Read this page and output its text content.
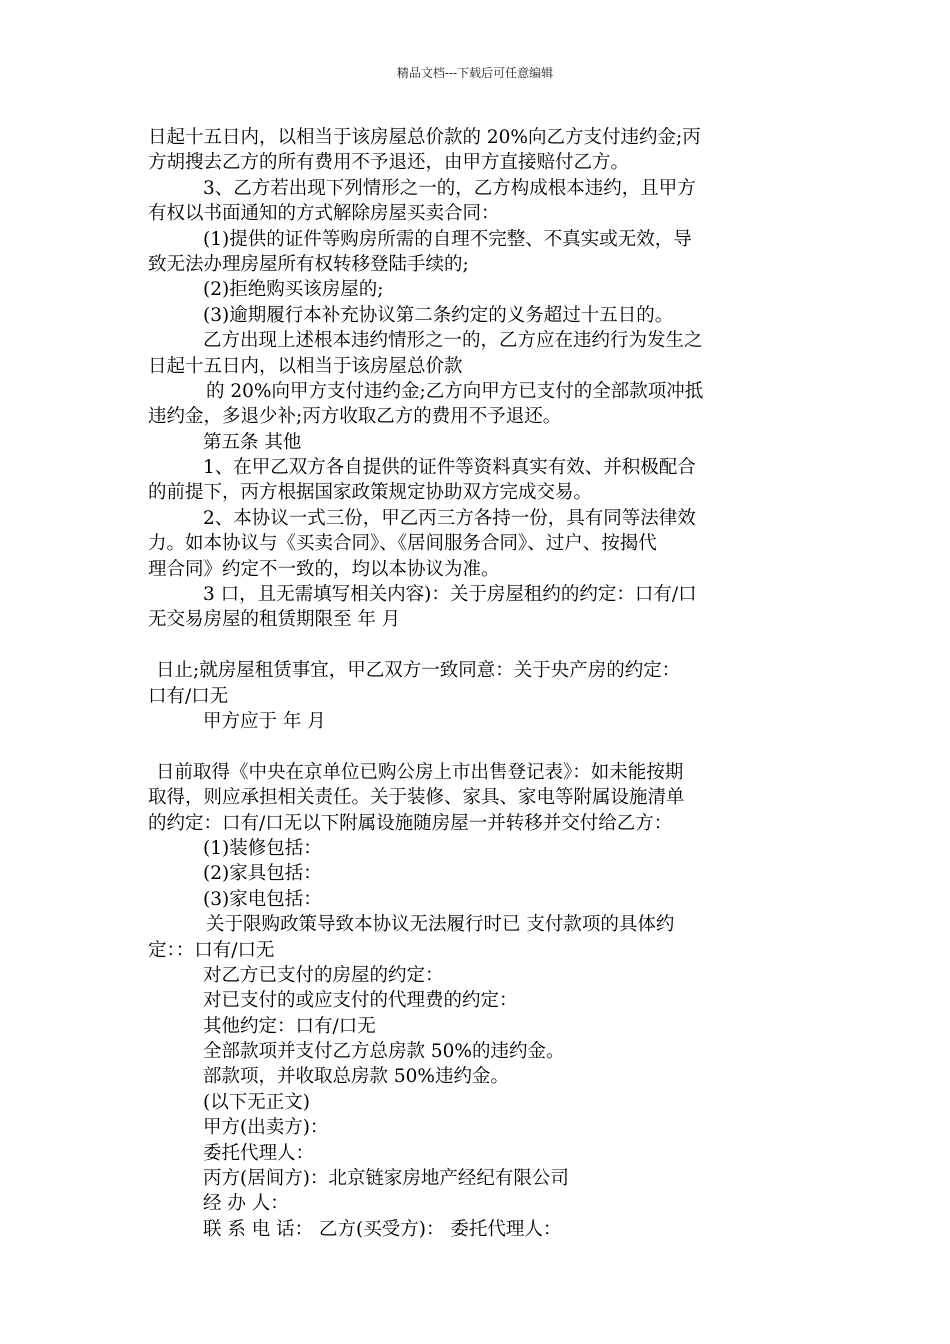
精品文档---下载后可任意编辑
日起十五日内，以相当于该房屋总价款的 20%向乙方支付违约金;丙
方胡搜去乙方的所有费用不予退还，由甲方直接赔付乙方。
3、乙方若出现下列情形之一的，乙方构成根本违约，且甲方
有权以书面通知的方式解除房屋买卖合同：
(1)提供的证件等购房所需的自理不完整、不真实或无效，导
致无法办理房屋所有权转移登陆手续的;
(2)拒绝购买该房屋的;
(3)逾期履行本补充协议第二条约定的义务超过十五日的。
乙方出现上述根本违约情形之一的，乙方应在违约行为发生之
日起十五日内，以相当于该房屋总价款
的 20%向甲方支付违约金;乙方向甲方已支付的全部款项冲抵
违约金，多退少补;丙方收取乙方的费用不予退还。
第五条 其他
1、在甲乙双方各自提供的证件等资料真实有效、并积极配合
的前提下，丙方根据国家政策规定协助双方完成交易。
2、本协议一式三份，甲乙丙三方各持一份，具有同等法律效
力。如本协议与《买卖合同》、《居间服务合同》、过户、按揭代
理合同》约定不一致的，均以本协议为准。
3 口，且无需填写相关内容)：关于房屋租约的约定：口有/口
无交易房屋的租赁期限至 年 月
日止;就房屋租赁事宜，甲乙双方一致同意：关于央产房的约定：
口有/口无
甲方应于 年 月
日前取得《中央在京单位已购公房上市出售登记表》：如未能按期
取得，则应承担相关责任。关于装修、家具、家电等附属设施清单
的约定：口有/口无以下附属设施随房屋一并转移并交付给乙方：
(1)装修包括：
(2)家具包括：
(3)家电包括：
关于限购政策导致本协议无法履行时已 支付款项的具体约
定：：口有/口无
对乙方已支付的房屋的约定：
对已支付的或应支付的代理费的约定：
其他约定：口有/口无
全部款项并支付乙方总房款 50%的违约金。
部款项，并收取总房款 50%违约金。
(以下无正文)
甲方(出卖方)：
委托代理人：
丙方(居间方)：北京链家房地产经纪有限公司
经 办 人：
联 系 电 话： 乙方(买受方)： 委托代理人：
